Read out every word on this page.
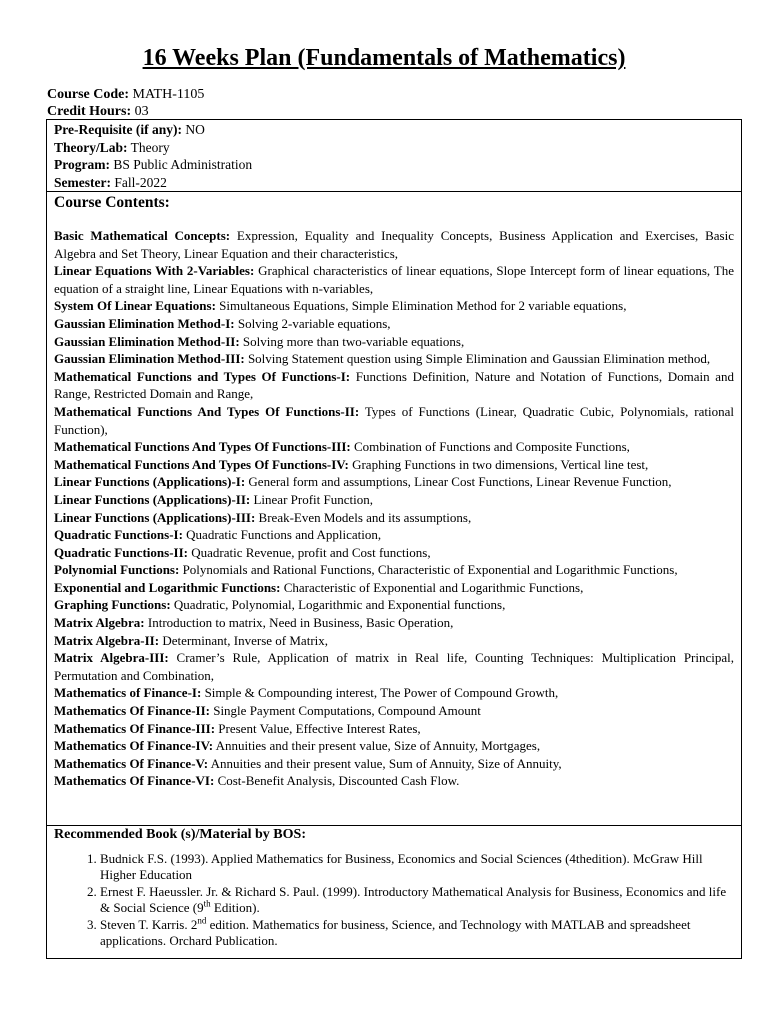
16 Weeks Plan (Fundamentals of Mathematics)
Course Code: MATH-1105
Credit Hours: 03
Pre-Requisite (if any): NO
Theory/Lab: Theory
Program: BS Public Administration
Semester: Fall-2022
Course Contents:
Basic Mathematical Concepts: Expression, Equality and Inequality Concepts, Business Application and Exercises, Basic Algebra and Set Theory, Linear Equation and their characteristics,
Linear Equations With 2-Variables: Graphical characteristics of linear equations, Slope Intercept form of linear equations, The equation of a straight line, Linear Equations with n-variables,
System Of Linear Equations: Simultaneous Equations, Simple Elimination Method for 2 variable equations,
Gaussian Elimination Method-I: Solving 2-variable equations,
Gaussian Elimination Method-II: Solving more than two-variable equations,
Gaussian Elimination Method-III: Solving Statement question using Simple Elimination and Gaussian Elimination method,
Mathematical Functions and Types Of Functions-I: Functions Definition, Nature and Notation of Functions, Domain and Range, Restricted Domain and Range,
Mathematical Functions And Types Of Functions-II: Types of Functions (Linear, Quadratic Cubic, Polynomials, rational Function),
Mathematical Functions And Types Of Functions-III: Combination of Functions and Composite Functions,
Mathematical Functions And Types Of Functions-IV: Graphing Functions in two dimensions, Vertical line test,
Linear Functions (Applications)-I: General form and assumptions, Linear Cost Functions, Linear Revenue Function,
Linear Functions (Applications)-II: Linear Profit Function,
Linear Functions (Applications)-III: Break-Even Models and its assumptions,
Quadratic Functions-I: Quadratic Functions and Application,
Quadratic Functions-II: Quadratic Revenue, profit and Cost functions,
Polynomial Functions: Polynomials and Rational Functions, Characteristic of Exponential and Logarithmic Functions,
Exponential and Logarithmic Functions: Characteristic of Exponential and Logarithmic Functions,
Graphing Functions: Quadratic, Polynomial, Logarithmic and Exponential functions,
Matrix Algebra: Introduction to matrix, Need in Business, Basic Operation,
Matrix Algebra-II: Determinant, Inverse of Matrix,
Matrix Algebra-III: Cramer’s Rule, Application of matrix in Real life, Counting Techniques: Multiplication Principal, Permutation and Combination,
Mathematics of Finance-I: Simple & Compounding interest, The Power of Compound Growth,
Mathematics Of Finance-II: Single Payment Computations, Compound Amount
Mathematics Of Finance-III: Present Value, Effective Interest Rates,
Mathematics Of Finance-IV: Annuities and their present value, Size of Annuity, Mortgages,
Mathematics Of Finance-V: Annuities and their present value, Sum of Annuity, Size of Annuity,
Mathematics Of Finance-VI: Cost-Benefit Analysis, Discounted Cash Flow.
Recommended Book (s)/Material by BOS:
1. Budnick F.S. (1993). Applied Mathematics for Business, Economics and Social Sciences (4thedition). McGraw Hill Higher Education
2. Ernest F. Haeussler. Jr. & Richard S. Paul. (1999). Introductory Mathematical Analysis for Business, Economics and life & Social Science (9th Edition).
3. Steven T. Karris. 2nd edition. Mathematics for business, Science, and Technology with MATLAB and spreadsheet applications. Orchard Publication.
